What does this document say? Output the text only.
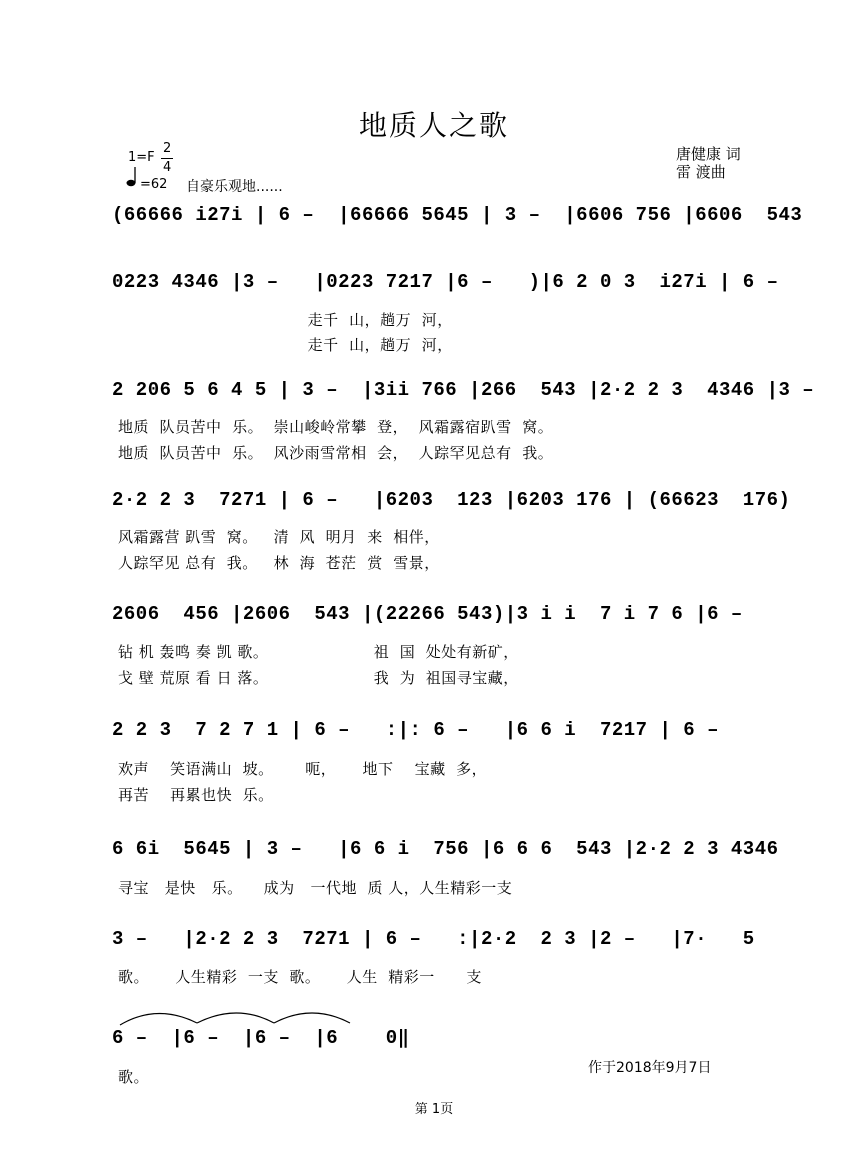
地质人之歌
唐健康 词
雷 渡曲
1=F
2
4
=62 自豪乐观地......
(66666 i27i | 6 –  |66666 5645 | 3 –  |6606 756 |6606  543
0223 4346 |3 –   |0223 7217 |6 –   )|6 2 0 3  i27i | 6 –
走千  山，趟万  河，
走千  山，趟万  河，
2 206 5 6 4 5 | 3 –  |3ii 766 |266  543 |2·2 2 3  4346 |3 –
地质  队员苦中  乐。  崇山峻岭常攀  登，  风霜露宿趴雪  窝。
地质  队员苦中  乐。  风沙雨雪常相  会，  人踪罕见总有  我。
2·2 2 3  7271 | 6 –   |6203  123 |6203 176 | (66623  176)
风霜露营 趴雪  窝。   清  风  明月  来  相伴，
人踪罕见 总有  我。   林  海  苍茫  赏  雪景，
2606  456 |2606  543 |(22266 543)|3 i i  7 i 7 6 |6 –
钻 机 轰鸣 奏 凯 歌。                    祖  国  处处有新矿，
戈 壁 荒原 看 日 落。                    我  为  祖国寻宝藏，
2 2 3  7 2 7 1 | 6 –   :|: 6 –   |6 6 i  7217 | 6 –
欢声    笑语满山  坡。      呃，     地下    宝藏  多，
再苦    再累也快  乐。
6 6i  5645 | 3 –   |6 6 i  756 |6 6 6  543 |2·2 2 3 4346
寻宝   是快   乐。    成为   一代地  质 人，人生精彩一支
3 –   |2·2 2 3  7271 | 6 –   :|2·2  2 3 |2 –   |7·   5
歌。     人生精彩  一支  歌。     人生  精彩一      支
6 –  |6 –  |6 –  |6    0‖
歌。	作于2018年9月7日
第 1页
